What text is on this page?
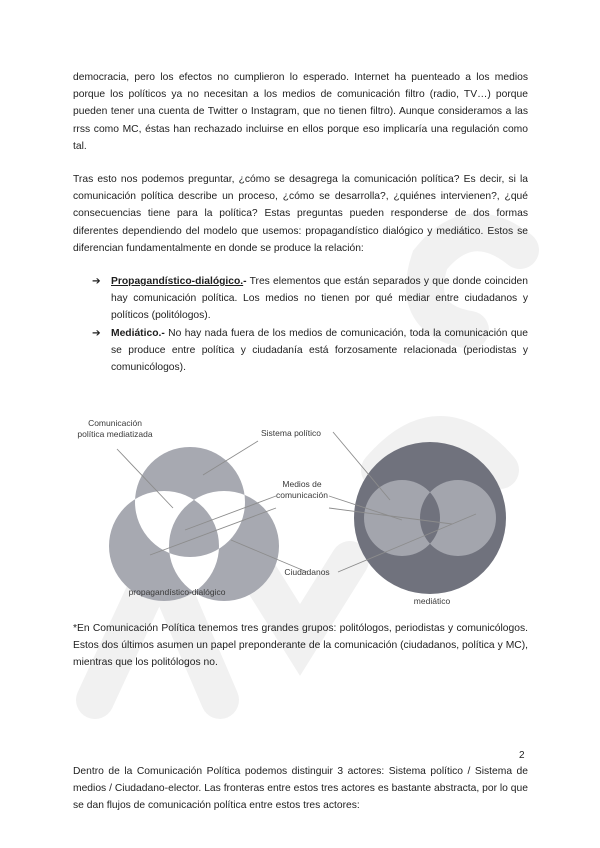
democracia, pero los efectos no cumplieron lo esperado. Internet ha puenteado a los medios porque los políticos ya no necesitan a los medios de comunicación filtro (radio, TV…) porque pueden tener una cuenta de Twitter o Instagram, que no tienen filtro). Aunque consideramos a las rrss como MC, éstas han rechazado incluirse en ellos porque eso implicaría una regulación como tal.

Tras esto nos podemos preguntar, ¿cómo se desagrega la comunicación política? Es decir, si la comunicación política describe un proceso, ¿cómo se desarrolla?, ¿quiénes intervienen?, ¿qué consecuencias tiene para la política? Estas preguntas pueden responderse de dos formas diferentes dependiendo del modelo que usemos: propagandístico dialógico y mediático. Estos se diferencian fundamentalmente en donde se produce la relación:

➔ Propagandístico-dialógico.- Tres elementos que están separados y que donde coinciden hay comunicación política. Los medios no tienen por qué mediar entre ciudadanos y políticos (politólogos).
➔ Mediático.- No hay nada fuera de los medios de comunicación, toda la comunicación que se produce entre política y ciudadanía está forzosamente relacionada (periodistas y comunicólogos).
Comunicación
política mediatizada	Sistema político
Medios de
comunicación
Ciudadanos
propagandístico-dialógico
mediático

*En Comunicación Política tenemos tres grandes grupos: politólogos, periodistas y comunicólogos. Estos dos últimos asumen un papel preponderante de la comunicación (ciudadanos, política y MC), mientras que los politólogos no.

2

Dentro de la Comunicación Política podemos distinguir 3 actores: Sistema político / Sistema de medios / Ciudadano-elector. Las fronteras entre estos tres actores es bastante abstracta, por lo que se dan flujos de comunicación política entre estos tres actores:
